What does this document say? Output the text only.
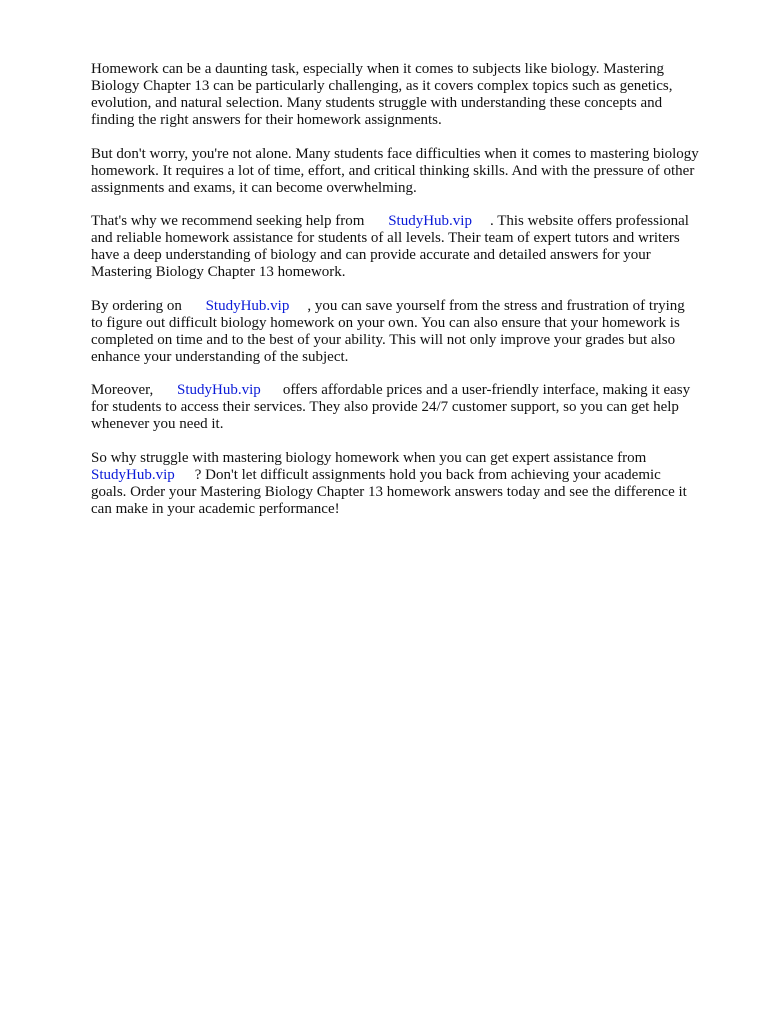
Homework can be a daunting task, especially when it comes to subjects like biology. Mastering
Biology Chapter 13 can be particularly challenging, as it covers complex topics such as genetics,
evolution, and natural selection. Many students struggle with understanding these concepts and
finding the right answers for their homework assignments.

But don't worry, you're not alone. Many students face difficulties when it comes to mastering biology
homework. It requires a lot of time, effort, and critical thinking skills. And with the pressure of other
assignments and exams, it can become overwhelming.

That's why we recommend seeking help from StudyHub.vip . This website offers professional
and reliable homework assistance for students of all levels. Their team of expert tutors and writers
have a deep understanding of biology and can provide accurate and detailed answers for your
Mastering Biology Chapter 13 homework.

By ordering on StudyHub.vip , you can save yourself from the stress and frustration of trying
to figure out difficult biology homework on your own. You can also ensure that your homework is
completed on time and to the best of your ability. This will not only improve your grades but also
enhance your understanding of the subject.

Moreover, StudyHub.vip offers affordable prices and a user-friendly interface, making it easy
for students to access their services. They also provide 24/7 customer support, so you can get help
whenever you need it.

So why struggle with mastering biology homework when you can get expert assistance from
StudyHub.vip ? Don't let difficult assignments hold you back from achieving your academic
goals. Order your Mastering Biology Chapter 13 homework answers today and see the difference it
can make in your academic performance!
